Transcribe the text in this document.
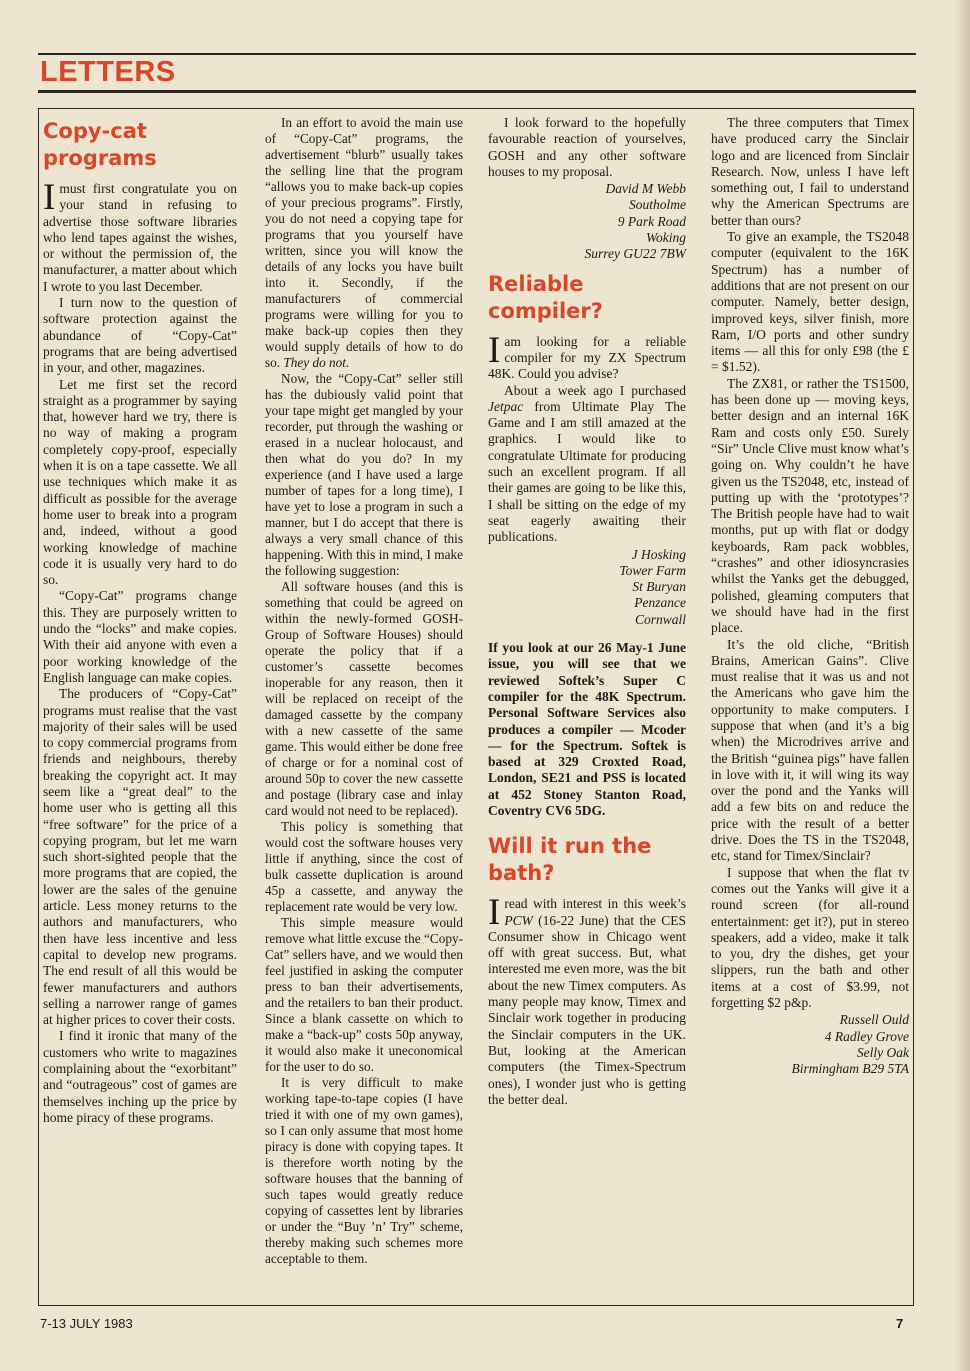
LETTERS
Copy-cat programs

I must first congratulate you on your stand in refusing to advertise those software libraries who lend tapes against the wishes, or without the permission of, the manufacturer, a matter about which I wrote to you last December.

I turn now to the question of software protection against the abundance of “Copy-Cat” programs that are being advertised in your, and other, magazines.

Let me first set the record straight as a programmer by saying that, however hard we try, there is no way of making a program completely copy-proof, especially when it is on a tape cassette. We all use techniques which make it as difficult as possible for the average home user to break into a program and, indeed, without a good working knowledge of machine code it is usually very hard to do so.

“Copy-Cat” programs change this. They are purposely written to undo the “locks” and make copies. With their aid anyone with even a poor working knowledge of the English language can make copies.

The producers of “Copy-Cat” programs must realise that the vast majority of their sales will be used to copy commercial programs from friends and neighbours, thereby breaking the copyright act. It may seem like a “great deal” to the home user who is getting all this “free software” for the price of a copying program, but let me warn such short-sighted people that the more programs that are copied, the lower are the sales of the genuine article. Less money returns to the authors and manufacturers, who then have less incentive and less capital to develop new programs. The end result of all this would be fewer manufacturers and authors selling a narrower range of games at higher prices to cover their costs.

I find it ironic that many of the customers who write to magazines complaining about the “exorbitant” and “outrageous” cost of games are themselves inching up the price by home piracy of these programs.

In an effort to avoid the main use of “Copy-Cat” programs, the advertisement “blurb” usually takes the selling line that the program “allows you to make back-up copies of your precious programs”. Firstly, you do not need a copying tape for programs that you yourself have written, since you will know the details of any locks you have built into it. Secondly, if the manufacturers of commercial programs were willing for you to make back-up copies then they would supply details of how to do so. They do not.

Now, the “Copy-Cat” seller still has the dubiously valid point that your tape might get mangled by your recorder, put through the washing or erased in a nuclear holocaust, and then what do you do? In my experience (and I have used a large number of tapes for a long time), I have yet to lose a program in such a manner, but I do accept that there is always a very small chance of this happening. With this in mind, I make the following suggestion:

All software houses (and this is something that could be agreed on within the newly-formed GOSH-Group of Software Houses) should operate the policy that if a customer’s cassette becomes inoperable for any reason, then it will be replaced on receipt of the damaged cassette by the company with a new cassette of the same game. This would either be done free of charge or for a nominal cost of around 50p to cover the new cassette and postage (library case and inlay card would not need to be replaced).

This policy is something that would cost the software houses very little if anything, since the cost of bulk cassette duplication is around 45p a cassette, and anyway the replacement rate would be very low.

This simple measure would remove what little excuse the “Copy-Cat” sellers have, and we would then feel justified in asking the computer press to ban their advertisements, and the retailers to ban their product. Since a blank cassette on which to make a “back-up” costs 50p anyway, it would also make it uneconomical for the user to do so.

It is very difficult to make working tape-to-tape copies (I have tried it with one of my own games), so I can only assume that most home piracy is done with copying tapes. It is therefore worth noting by the software houses that the banning of such tapes would greatly reduce copying of cassettes lent by libraries or under the “Buy ’n’ Try” scheme, thereby making such schemes more acceptable to them.

I look forward to the hopefully favourable reaction of yourselves, GOSH and any other software houses to my proposal.

David M Webb
Southolme
9 Park Road
Woking
Surrey GU22 7BW
Reliable compiler?

I am looking for a reliable compiler for my ZX Spectrum 48K. Could you advise?

About a week ago I purchased Jetpac from Ultimate Play The Game and I am still amazed at the graphics. I would like to congratulate Ultimate for producing such an excellent program. If all their games are going to be like this, I shall be sitting on the edge of my seat eagerly awaiting their publications.

J Hosking
Tower Farm
St Buryan
Penzance
Cornwall
If you look at our 26 May-1 June issue, you will see that we reviewed Softek’s Super C compiler for the 48K Spectrum. Personal Software Services also produces a compiler — Mcoder — for the Spectrum. Softek is based at 329 Croxted Road, London, SE21 and PSS is located at 452 Stoney Stanton Road, Coventry CV6 5DG.
Will it run the bath?

I read with interest in this week’s PCW (16-22 June) that the CES Consumer show in Chicago went off with great success. But, what interested me even more, was the bit about the new Timex computers. As many people may know, Timex and Sinclair work together in producing the Sinclair computers in the UK. But, looking at the American computers (the Timex-Spectrum ones), I wonder just who is getting the better deal.

The three computers that Timex have produced carry the Sinclair logo and are licenced from Sinclair Research. Now, unless I have left something out, I fail to understand why the American Spectrums are better than ours?

To give an example, the TS2048 computer (equivalent to the 16K Spectrum) has a number of additions that are not present on our computer. Namely, better design, improved keys, silver finish, more Ram, I/O ports and other sundry items — all this for only £98 (the £ = $1.52).

The ZX81, or rather the TS1500, has been done up — moving keys, better design and an internal 16K Ram and costs only £50. Surely “Sir” Uncle Clive must know what’s going on. Why couldn’t he have given us the TS2048, etc, instead of putting up with the ‘prototypes’? The British people have had to wait months, put up with flat or dodgy keyboards, Ram pack wobbles, “crashes” and other idiosyncrasies whilst the Yanks get the debugged, polished, gleaming computers that we should have had in the first place.

It’s the old cliche, “British Brains, American Gains”. Clive must realise that it was us and not the Americans who gave him the opportunity to make computers. I suppose that when (and it’s a big when) the Microdrives arrive and the British “guinea pigs” have fallen in love with it, it will wing its way over the pond and the Yanks will add a few bits on and reduce the price with the result of a better drive. Does the TS in the TS2048, etc, stand for Timex/Sinclair?

I suppose that when the flat tv comes out the Yanks will give it a round screen (for all-round entertainment: get it?), put in stereo speakers, add a video, make it talk to you, dry the dishes, get your slippers, run the bath and other items at a cost of $3.99, not forgetting $2 p&p.

Russell Ould
4 Radley Grove
Selly Oak
Birmingham B29 5TA
7-13 JULY 1983	7
